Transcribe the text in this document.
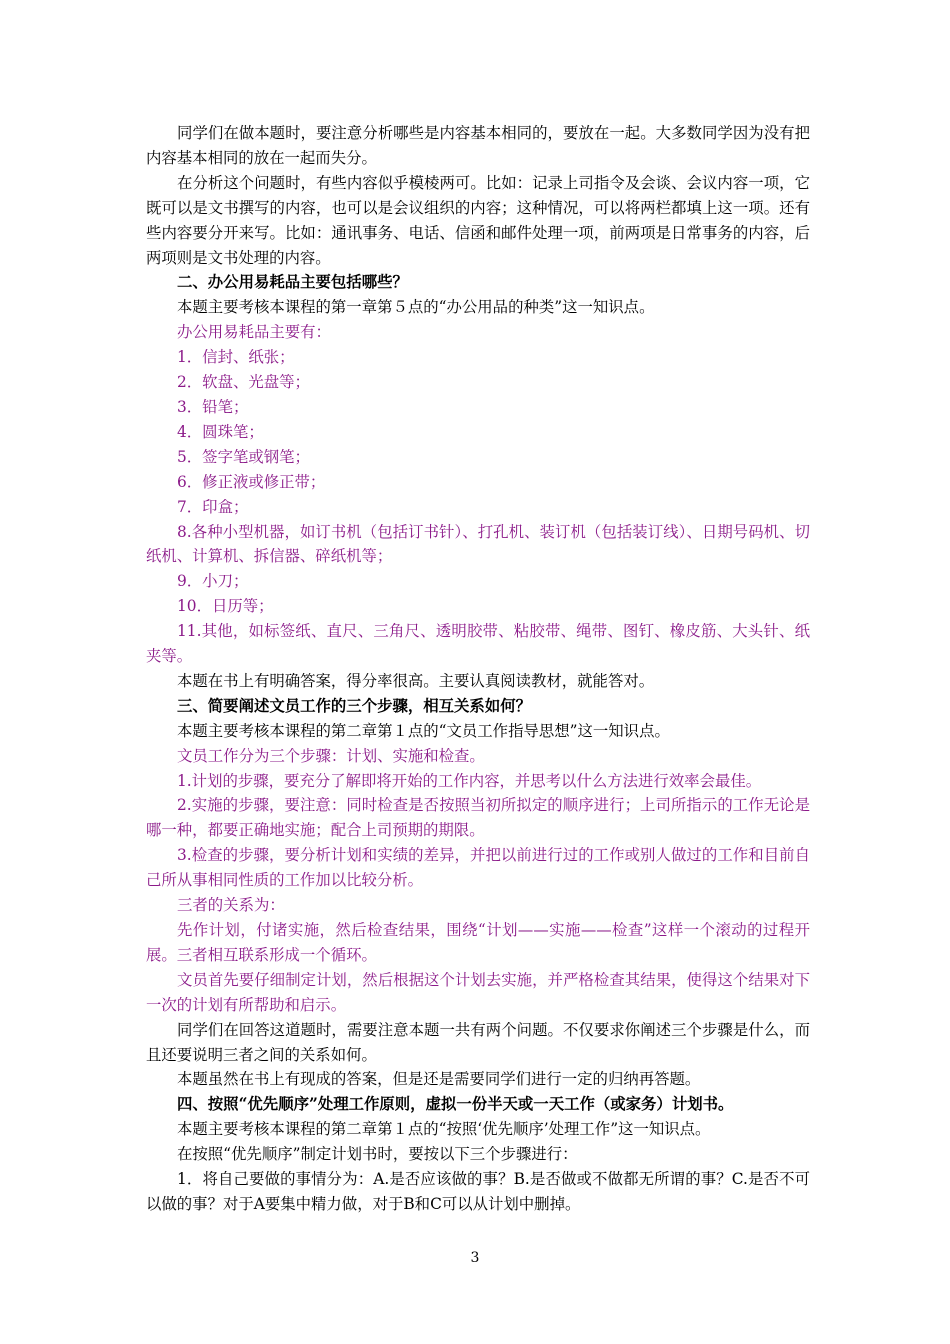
同学们在做本题时，要注意分析哪些是内容基本相同的，要放在一起。大多数同学因为没有把内容基本相同的放在一起而失分。

在分析这个问题时，有些内容似乎模棱两可。比如：记录上司指令及会谈、会议内容一项，它既可以是文书撰写的内容，也可以是会议组织的内容；这种情况，可以将两栏都填上这一项。还有些内容要分开来写。比如：通讯事务、电话、信函和邮件处理一项，前两项是日常事务的内容，后两项则是文书处理的内容。

二、办公用易耗品主要包括哪些？

本题主要考核本课程的第一章第５点的“办公用品的种类”这一知识点。

办公用易耗品主要有：

1．信封、纸张；

2．软盘、光盘等；

3．铅笔；

4．圆珠笔；

5．签字笔或钢笔；

6．修正液或修正带；

7．印盒；

8.各种小型机器，如订书机（包括订书针）、打孔机、装订机（包括装订线）、日期号码机、切纸机、计算机、拆信器、碎纸机等；

9．小刀；

10．日历等；

11.其他，如标签纸、直尺、三角尺、透明胶带、粘胶带、绳带、图钉、橡皮筋、大头针、纸夹等。

本题在书上有明确答案，得分率很高。主要认真阅读教材，就能答对。

三、简要阐述文员工作的三个步骤，相互关系如何？

本题主要考核本课程的第二章第１点的“文员工作指导思想”这一知识点。

文员工作分为三个步骤：计划、实施和检查。

1.计划的步骤，要充分了解即将开始的工作内容，并思考以什么方法进行效率会最佳。

2.实施的步骤，要注意：同时检查是否按照当初所拟定的顺序进行；上司所指示的工作无论是哪一种，都要正确地实施；配合上司预期的期限。

3.检查的步骤，要分析计划和实绩的差异，并把以前进行过的工作或别人做过的工作和目前自己所从事相同性质的工作加以比较分析。

三者的关系为：

先作计划，付诸实施，然后检查结果，围绕“计划——实施——检查”这样一个滚动的过程开展。三者相互联系形成一个循环。

文员首先要仔细制定计划，然后根据这个计划去实施，并严格检查其结果，使得这个结果对下一次的计划有所帮助和启示。

同学们在回答这道题时，需要注意本题一共有两个问题。不仅要求你阐述三个步骤是什么，而且还要说明三者之间的关系如何。

本题虽然在书上有现成的答案，但是还是需要同学们进行一定的归纳再答题。

四、按照“优先顺序”处理工作原则，虚拟一份半天或一天工作（或家务）计划书。

本题主要考核本课程的第二章第１点的“按照‘优先顺序’处理工作”这一知识点。

在按照“优先顺序”制定计划书时，要按以下三个步骤进行：

1．将自己要做的事情分为：A.是否应该做的事？B.是否做或不做都无所谓的事？C.是否不可以做的事？对于A要集中精力做，对于B和C可以从计划中删掉。

3
